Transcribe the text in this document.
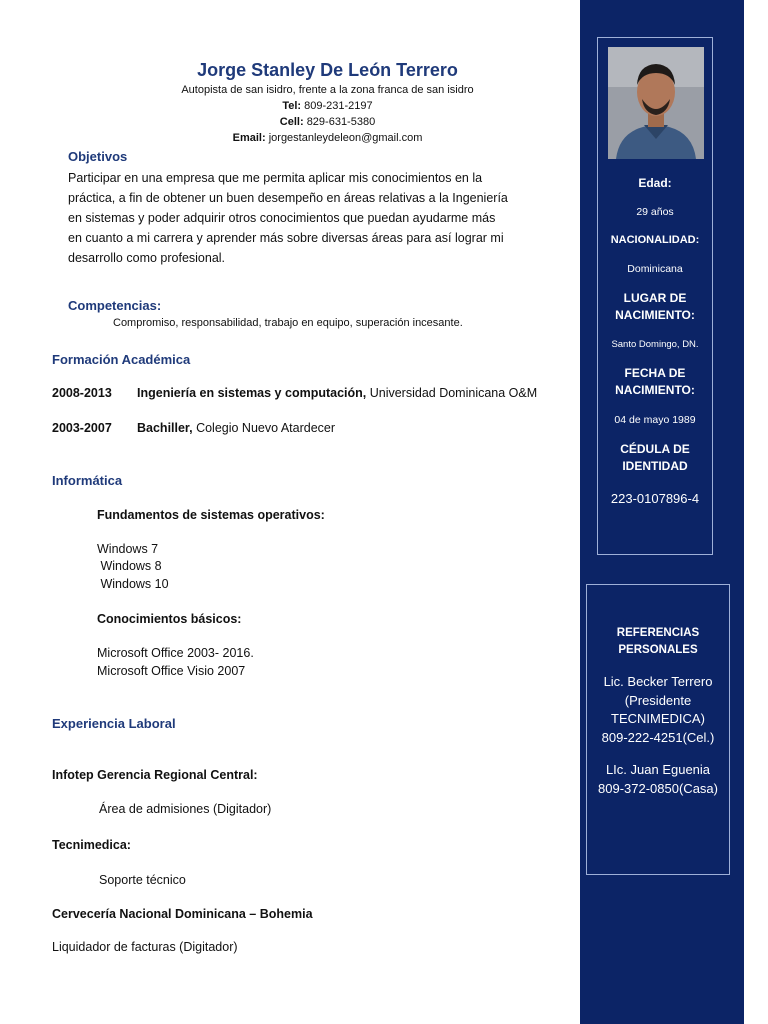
Jorge Stanley De León Terrero
Autopista de san isidro, frente a la zona franca de san isidro
Tel: 809-231-2197
Cell: 829-631-5380
Email: jorgestanleydeleon@gmail.com
Objetivos
Participar en una empresa que me permita aplicar mis conocimientos en la
práctica, a fin de obtener un buen desempeño en áreas relativas a la Ingeniería
en sistemas y poder adquirir otros conocimientos que puedan ayudarme más
en cuanto a mi carrera y aprender más sobre diversas áreas para así lograr mi
desarrollo como profesional.
Competencias:
Compromiso, responsabilidad, trabajo en equipo, superación incesante.
Formación Académica
2008-2013 Ingeniería en sistemas y computación, Universidad Dominicana O&M
2003-2007 Bachiller, Colegio Nuevo Atardecer
Informática
Fundamentos de sistemas operativos:
Windows 7
Windows 8
Windows 10
Conocimientos básicos:
Microsoft Office 2003- 2016.
Microsoft Office Visio 2007
Experiencia Laboral
Infotep Gerencia Regional Central:
Área de admisiones (Digitador)
Tecnimedica:
Soporte técnico
Cervecería Nacional Dominicana – Bohemia
Liquidador de facturas (Digitador)
Edad:
29 años
NACIONALIDAD:
Dominicana
LUGAR DE
NACIMIENTO:
Santo Domingo, DN.
FECHA DE
NACIMIENTO:
04 de mayo 1989
CÉDULA DE
IDENTIDAD
223-0107896-4
REFERENCIAS
PERSONALES
Lic. Becker Terrero
(Presidente
TECNIMEDICA)
809-222-4251(Cel.)
LIc. Juan Eguenia
809-372-0850(Casa)
